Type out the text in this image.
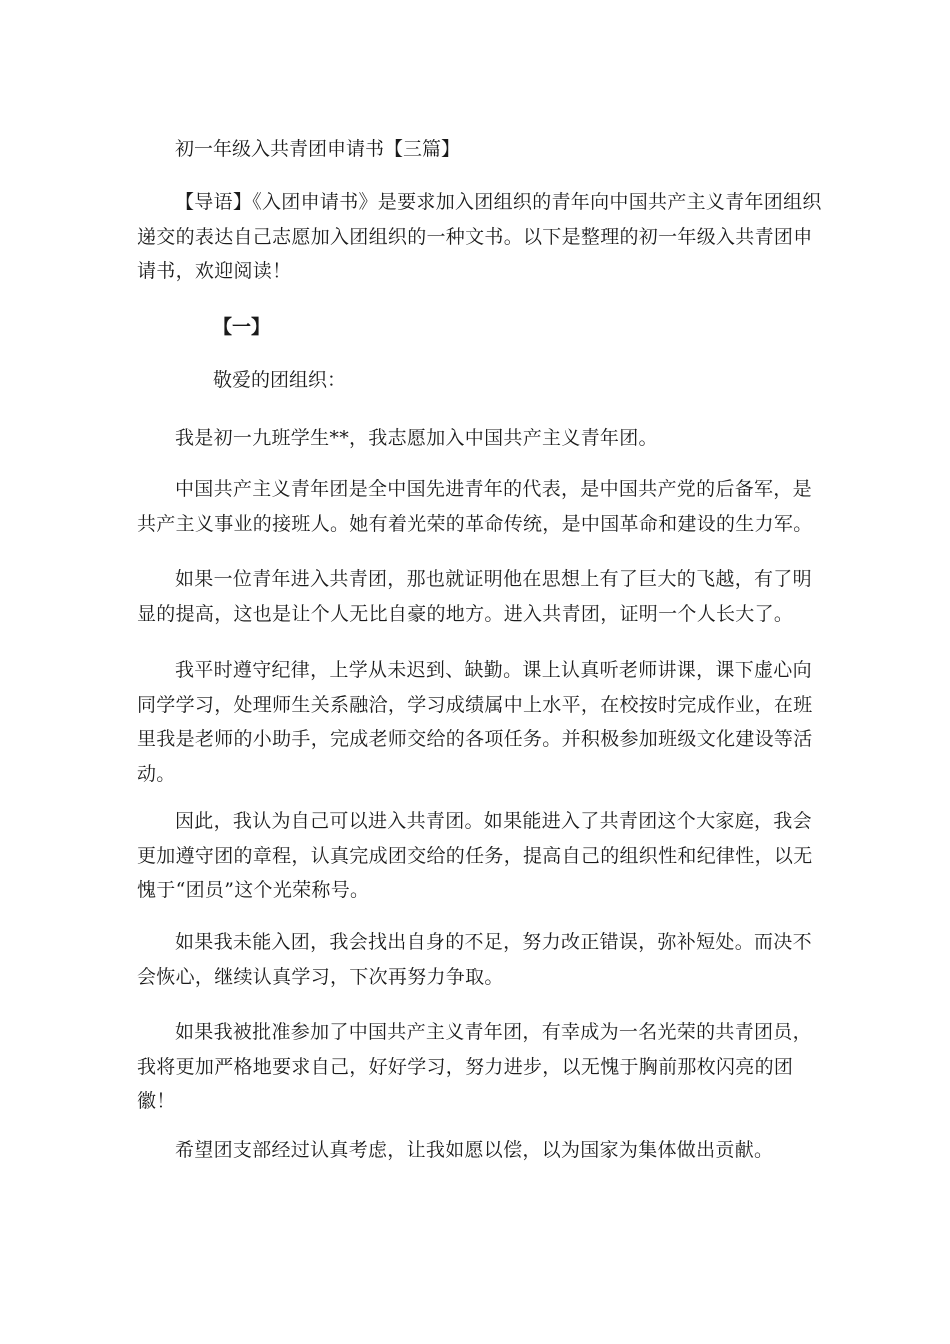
初一年级入共青团申请书【三篇】

【导语】《入团申请书》是要求加入团组织的青年向中国共产主义青年团组织递交的表达自己志愿加入团组织的一种文书。以下是整理的初一年级入共青团申请书，欢迎阅读！

【一】
敬爱的团组织：

我是初一九班学生**，我志愿加入中国共产主义青年团。

中国共产主义青年团是全中国先进青年的代表，是中国共产党的后备军，是共产主义事业的接班人。她有着光荣的革命传统，是中国革命和建设的生力军。

如果一位青年进入共青团，那也就证明他在思想上有了巨大的飞越，有了明显的提高，这也是让个人无比自豪的地方。进入共青团，证明一个人长大了。

我平时遵守纪律，上学从未迟到、缺勤。课上认真听老师讲课，课下虚心向同学学习，处理师生关系融洽，学习成绩属中上水平，在校按时完成作业，在班里我是老师的小助手，完成老师交给的各项任务。并积极参加班级文化建设等活动。

因此，我认为自己可以进入共青团。如果能进入了共青团这个大家庭，我会更加遵守团的章程，认真完成团交给的任务，提高自己的组织性和纪律性，以无愧于“团员”这个光荣称号。

如果我未能入团，我会找出自身的不足，努力改正错误，弥补短处。而决不会恢心，继续认真学习，下次再努力争取。

如果我被批准参加了中国共产主义青年团，有幸成为一名光荣的共青团员，我将更加严格地要求自己，好好学习，努力进步，以无愧于胸前那枚闪亮的团徽！

希望团支部经过认真考虑，让我如愿以偿，以为国家为集体做出贡献。
